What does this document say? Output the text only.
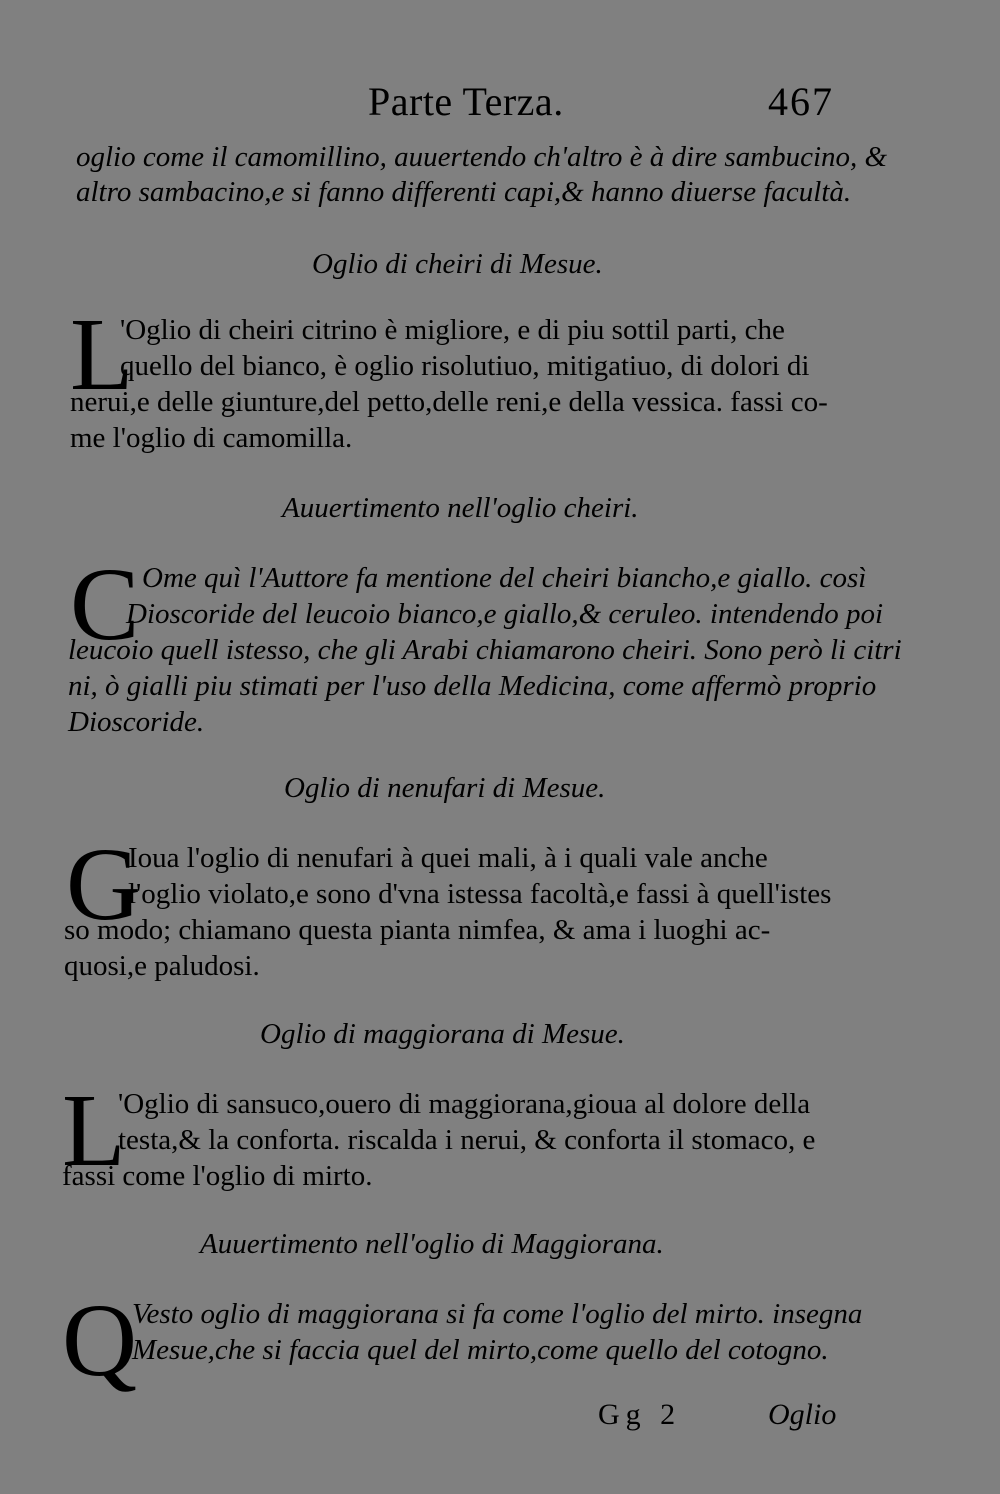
Parte Terza.	467
oglio come il camomillino, auuertendo ch'altro è à dire sambucino, &
altro sambacino,e si fanno differenti capi,& hanno diuerse facultà.
Oglio di cheiri di Mesue.
L
'Oglio di cheiri citrino è migliore, e di piu sottil parti, che
quello del bianco, è oglio risolutiuo, mitigatiuo, di dolori di
nerui,e delle giunture,del petto,delle reni,e della vessica. fassi co-
me l'oglio di camomilla.
Auuertimento nell'oglio cheiri.
C Ome quì l'Auttore fa mentione del cheiri biancho,e giallo. così
Dioscoride del leucoio bianco,e giallo,& ceruleo. intendendo poi
leucoio quell istesso, che gli Arabi chiamarono cheiri. Sono però li citri
ni, ò gialli piu stimati per l'uso della Medicina, come affermò proprio
Dioscoride.
Oglio di nenufari di Mesue.
G
Ioua l'oglio di nenufari à quei mali, à i quali vale anche
l'oglio violato,e sono d'vna istessa facoltà,e fassi à quell'istes
so modo; chiamano questa pianta nimfea, & ama i luoghi ac-
quosi,e paludosi.
Oglio di maggiorana di Mesue.
L
'Oglio di sansuco,ouero di maggiorana,gioua al dolore della
testa,& la conforta. riscalda i nerui, & conforta il stomaco, e
fassi come l'oglio di mirto.
Auuertimento nell'oglio di Maggiorana.
Q
Vesto oglio di maggiorana si fa come l'oglio del mirto. insegna
Mesue,che si faccia quel del mirto,come quello del cotogno.
Gg 2	Oglio
